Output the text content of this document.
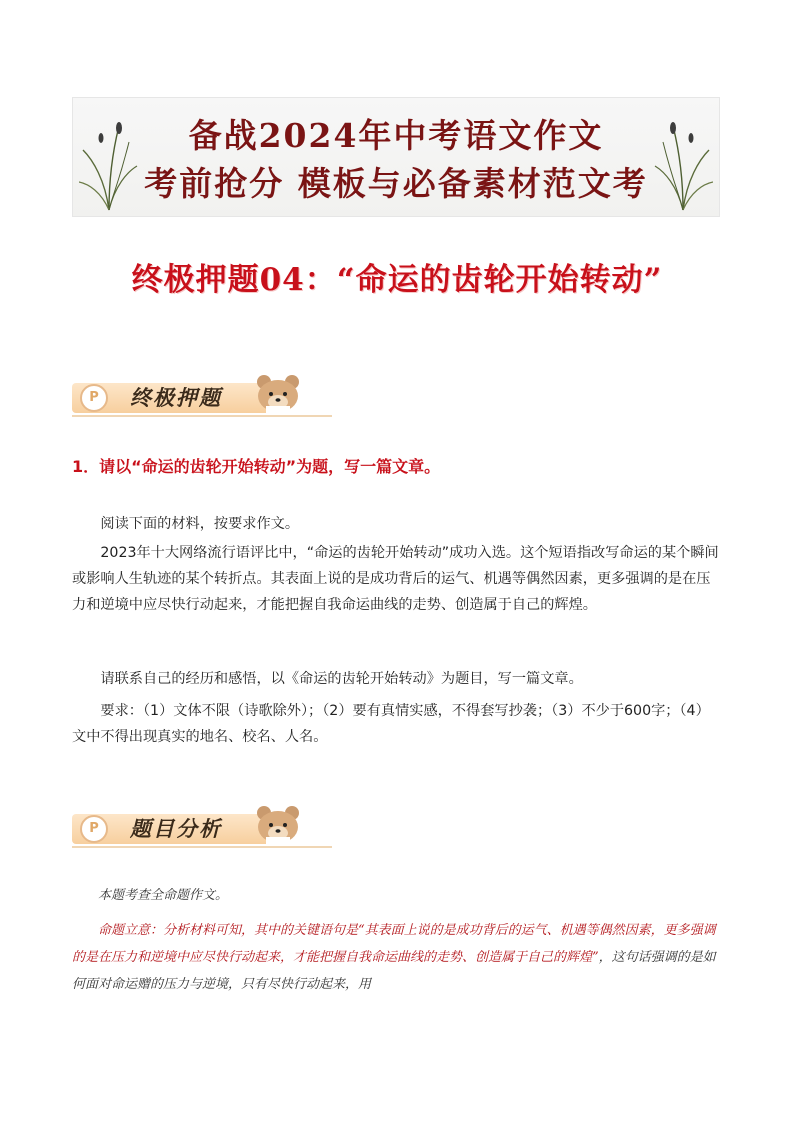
备战2024年中考语文作文
考前抢分 模板与必备素材范文考
终极押题04：“命运的齿轮开始转动”
P	终极押题
1．请以“命运的齿轮开始转动”为题，写一篇文章。

阅读下面的材料，按要求作文。

2023年十大网络流行语评比中，“命运的齿轮开始转动”成功入选。这个短语指改写命运的某个瞬间或影响人生轨迹的某个转折点。其表面上说的是成功背后的运气、机遇等偶然因素，更多强调的是在压力和逆境中应尽快行动起来，才能把握自我命运曲线的走势、创造属于自己的辉煌。

请联系自己的经历和感悟，以《命运的齿轮开始转动》为题目，写一篇文章。

要求：（1）文体不限（诗歌除外）；（2）要有真情实感，不得套写抄袭；（3）不少于600字；（4）文中不得出现真实的地名、校名、人名。

P	题目分析

本题考查全命题作文。

命题立意：分析材料可知，其中的关键语句是“其表面上说的是成功背后的运气、机遇等偶然因素，更多强调的是在压力和逆境中应尽快行动起来，才能把握自我命运曲线的走势、创造属于自己的辉煌”，这句话强调的是如何面对命运赠的压力与逆境，只有尽快行动起来，用
